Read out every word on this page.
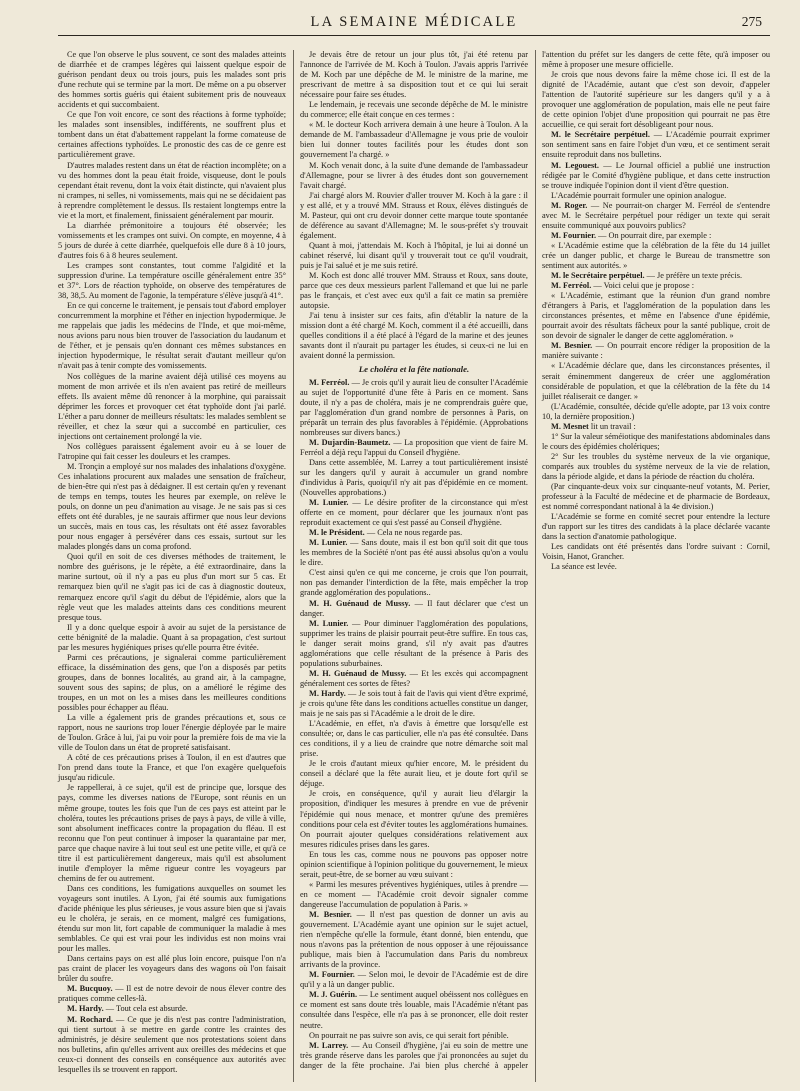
LA SEMAINE MÉDICALE	275

Ce que l'on observe le plus souvent, ce sont des malades atteints de diarrhée et de crampes légères qui laissent quelque espoir de guérison pendant deux ou trois jours, puis les malades sont pris d'une rechute qui se termine par la mort. De même on a pu observer des hommes sortis guéris qui étaient subitement pris de nouveaux accidents et qui succombaient.

Ce que l'on voit encore, ce sont des réactions à forme typhoïde; les malades sont insensibles, indifférents, ne souffrent plus et tombent dans un état d'abattement rappelant la forme comateuse de certaines affections typhoïdes. Le pronostic des cas de ce genre est particulièrement grave.

D'autres malades restent dans un état de réaction incomplète; on a vu des hommes dont la peau était froide, visqueuse, dont le pouls cependant était revenu, dont la voix était distincte, qui n'avaient plus ni crampes, ni selles, ni vomissements, mais qui ne se décidaient pas à reprendre complètement le dessus. Ils restaient longtemps entre la vie et la mort, et finalement, finissaient généralement par mourir.

La diarrhée prémonitoire a toujours été observée; les vomissements et les crampes ont suivi. On compte, en moyenne, 4 à 5 jours de durée à cette diarrhée, quelquefois elle dure 8 à 10 jours, d'autres fois 6 à 8 heures seulement.

Les crampes sont constantes, tout comme l'algidité et la suppression d'urine. La température oscille généralement entre 35° et 37°. Lors de réaction typhoïde, on observe des températures de 38, 38,5. Au moment de l'agonie, la température s'élève jusqu'à 41°.

En ce qui concerne le traitement, je pensais tout d'abord employer concurremment la morphine et l'éther en injection hypodermique. Je me rappelais que jadis les médecins de l'Inde, et que moi-même, nous avions paru nous bien trouver de l'association du laudanum et de l'éther, et je pensais qu'en donnant ces mêmes substances en injection hypodermique, le résultat serait d'autant meilleur qu'on n'avait pas à tenir compte des vomissements.

Nos collègues de la marine avaient déjà utilisé ces moyens au moment de mon arrivée et ils n'en avaient pas retiré de meilleurs effets. Ils avaient même dû renoncer à la morphine, qui paraissait déprimer les forces et provoquer cet état typhoïde dont j'ai parlé. L'éther a paru donner de meilleurs résultats: les malades semblent se réveiller, et chez la sœur qui a succombé en particulier, ces injections ont certainement prolongé la vie.

Nos collègues paraissent également avoir eu à se louer de l'atropine qui fait cesser les douleurs et les crampes.

M. Tronçin a employé sur nos malades des inhalations d'oxygène. Ces inhalations procurent aux malades une sensation de fraîcheur, de bien-être qui n'est pas à dédaigner. Il est certain qu'en y revenant de temps en temps, toutes les heures par exemple, on relève le pouls, on donne un peu d'animation au visage. Je ne sais pas si ces effets ont été durables, je ne saurais affirmer que nous leur devions un succès, mais en tous cas, les résultats ont été assez favorables pour nous engager à persévérer dans ces essais, surtout sur les malades plongés dans un coma profond.

Quoi qu'il en soit de ces diverses méthodes de traitement, le nombre des guérisons, je le répète, a été extraordinaire, dans la marine surtout, où il n'y a pas eu plus d'un mort sur 5 cas. Et remarquez bien qu'il ne s'agit pas ici de cas à diagnostic douteux, remarquez encore qu'il s'agit du début de l'épidémie, alors que la règle veut que les malades atteints dans ces conditions meurent presque tous.

Il y a donc quelque espoir à avoir au sujet de la persistance de cette bénignité de la maladie. Quant à sa propagation, c'est surtout par les mesures hygiéniques prises qu'elle pourra être évitée.

Parmi ces précautions, je signalerai comme particulièrement efficace, la dissémination des gens, que l'on a disposés par petits groupes, dans de bonnes localités, au grand air, à la campagne, souvent sous des sapins; de plus, on a amélioré le régime des troupes, en un mot on les a mises dans les meilleures conditions possibles pour échapper au fléau.

La ville a également pris de grandes précautions et, sous ce rapport, nous ne saurions trop louer l'énergie déployée par le maire de Toulon. Grâce à lui, j'ai pu voir pour la première fois de ma vie la ville de Toulon dans un état de propreté satisfaisant.

A côté de ces précautions prises à Toulon, il en est d'autres que l'on prend dans toute la France, et que l'on exagère quelquefois jusqu'au ridicule.

Je rappellerai, à ce sujet, qu'il est de principe que, lorsque des pays, comme les diverses nations de l'Europe, sont réunis en un même groupe, toutes les fois que l'un de ces pays est atteint par le choléra, toutes les précautions prises de pays à pays, de ville à ville, sont absolument inefficaces contre la propagation du fléau. Il est reconnu que l'on peut continuer à imposer la quarantaine par mer, parce que chaque navire à lui tout seul est une petite ville, et qu'à ce titre il est particulièrement dangereux, mais qu'il est absolument inutile d'employer la même rigueur contre les voyageurs par chemins de fer ou autrement.

Dans ces conditions, les fumigations auxquelles on soumet les voyageurs sont inutiles. A Lyon, j'ai été soumis aux fumigations d'acide phénique les plus sérieuses, je vous assure bien que si j'avais eu le choléra, je serais, en ce moment, malgré ces fumigations, étendu sur mon lit, fort capable de communiquer la maladie à mes semblables. Ce qui est vrai pour les individus est non moins vrai pour les malles.

Dans certains pays on est allé plus loin encore, puisque l'on n'a pas craint de placer les voyageurs dans des wagons où l'on faisait brûler du soufre.

M. Bucquoy. — Il est de notre devoir de nous élever contre des pratiques comme celles-là.

M. Hardy. — Tout cela est absurde.

M. Rochard. — Ce que je dis n'est pas contre l'administration, qui tient surtout à se mettre en garde contre les craintes des administrés, je désire seulement que nos protestations soient dans nos bulletins, afin qu'elles arrivent aux oreilles des médecins et que ceux-ci donnent des conseils en conséquence aux autorités avec lesquelles ils se trouvent en rapport.

Je devais être de retour un jour plus tôt, j'ai été retenu par l'annonce de l'arrivée de M. Koch à Toulon. J'avais appris l'arrivée de M. Koch par une dépêche de M. le ministre de la marine, me prescrivant de mettre à sa disposition tout et ce qui lui serait nécessaire pour faire ses études.

Le lendemain, je recevais une seconde dépêche de M. le ministre du commerce; elle était conçue en ces termes :

« M. le docteur Koch arrivera demain à une heure à Toulon. A la demande de M. l'ambassadeur d'Allemagne je vous prie de vouloir bien lui donner toutes facilités pour les études dont son gouvernement l'a chargé. »

M. Koch venait donc, à la suite d'une demande de l'ambassadeur d'Allemagne, pour se livrer à des études dont son gouvernement l'avait chargé.

J'ai chargé alors M. Rouvier d'aller trouver M. Koch à la gare : il y est allé, et y a trouvé MM. Strauss et Roux, élèves distingués de M. Pasteur, qui ont cru devoir donner cette marque toute spontanée de déférence au savant d'Allemagne; M. le sous-préfet s'y trouvait également.

Quant à moi, j'attendais M. Koch à l'hôpital, je lui ai donné un cabinet réservé, lui disant qu'il y trouverait tout ce qu'il voudrait, puis je l'ai salué et je me suis retiré.

M. Koch est donc allé trouver MM. Strauss et Roux, sans doute, parce que ces deux messieurs parlent l'allemand et que lui ne parle pas le français, et c'est avec eux qu'il a fait ce matin sa première autopsie.

J'ai tenu à insister sur ces faits, afin d'établir la nature de la mission dont a été chargé M. Koch, comment il a été accueilli, dans quelles conditions il a été placé à l'égard de la marine et des jeunes savants dont il n'aurait pu partager les études, si ceux-ci ne lui en avaient donné la permission.

Le choléra et la fête nationale.

M. Ferréol. — Je crois qu'il y aurait lieu de consulter l'Académie au sujet de l'opportunité d'une fête à Paris en ce moment. Sans doute, il n'y a pas de choléra, mais je ne comprendrais guère que, par l'agglomération d'un grand nombre de personnes à Paris, on préparât un terrain des plus favorables à l'épidémie. (Approbations nombreuses sur divers bancs.)

M. Dujardin-Baumetz. — La proposition que vient de faire M. Ferréol a déjà reçu l'appui du Conseil d'hygiène.

Dans cette assemblée, M. Larrey a tout particulièrement insisté sur les dangers qu'il y aurait à accumuler un grand nombre d'individus à Paris, quoiqu'il n'y ait pas d'épidémie en ce moment. (Nouvelles approbations.)

M. Lunier. — Le désire profiter de la circonstance qui m'est offerte en ce moment, pour déclarer que les journaux n'ont pas reproduit exactement ce qui s'est passé au Conseil d'hygiène.

M. le Président. — Cela ne nous regarde pas.

M. Lunier. — Sans doute, mais il est bon qu'il soit dit que tous les membres de la Société n'ont pas été aussi absolus qu'on a voulu le dire.

C'est ainsi qu'en ce qui me concerne, je crois que l'on pourrait, non pas demander l'interdiction de la fête, mais empêcher la trop grande agglomération des populations..

M. H. Guénaud de Mussy. — Il faut déclarer que c'est un danger.

M. Lunier. — Pour diminuer l'agglomération des populations, supprimer les trains de plaisir pourrait peut-être suffire. En tous cas, le danger serait moins grand, s'il n'y avait pas d'autres agglomérations que celle résultant de la présence à Paris des populations suburbaines.

M. H. Guénaud de Mussy. — Et les excès qui accompagnent généralement ces sortes de fêtes?

M. Hardy. — Je sois tout à fait de l'avis qui vient d'être exprimé, je crois qu'une fête dans les conditions actuelles constitue un danger, mais je ne sais pas si l'Académie a le droit de le dire.

L'Académie, en effet, n'a d'avis à émettre que lorsqu'elle est consultée; or, dans le cas particulier, elle n'a pas été consultée. Dans ces conditions, il y a lieu de craindre que notre démarche soit mal prise.

Je le crois d'autant mieux qu'hier encore, M. le président du conseil a déclaré que la fête aurait lieu, et je doute fort qu'il se déjuge.

Je crois, en conséquence, qu'il y aurait lieu d'élargir la proposition, d'indiquer les mesures à prendre en vue de prévenir l'épidémie qui nous menace, et montrer qu'une des premières conditions pour cela est d'éviter toutes les agglomérations humaines. On pourrait ajouter quelques considérations relativement aux mesures ridicules prises dans les gares.

En tous les cas, comme nous ne pouvons pas opposer notre opinion scientifique à l'opinion politique du gouvernement, le mieux serait, peut-être, de se borner au vœu suivant :

« Parmi les mesures préventives hygiéniques, utiles à prendre — en ce moment — l'Académie croit devoir signaler comme dangereuse l'accumulation de population à Paris. »

M. Besnier. — Il n'est pas question de donner un avis au gouvernement. L'Académie ayant une opinion sur le sujet actuel, rien n'empêche qu'elle la formule, étant donné, bien entendu, que nous n'avons pas la prétention de nous opposer à une réjouissance publique, mais bien à l'accumulation dans Paris du nombreux arrivants de la province.

M. Fournier. — Selon moi, le devoir de l'Académie est de dire qu'il y a là un danger public.

M. J. Guérin. — Le sentiment auquel obéissent nos collègues en ce moment est sans doute très louable, mais l'Académie n'étant pas consultée dans l'espèce, elle n'a pas à se prononcer, elle doit rester neutre.

On pourrait ne pas suivre son avis, ce qui serait fort pénible.

M. Larrey. — Au Conseil d'hygiène, j'ai eu soin de mettre une très grande réserve dans les paroles que j'ai prononcées au sujet du danger de la fête prochaine. J'ai bien plus cherché à appeler l'attention du préfet sur les dangers de cette fête, qu'à imposer ou même à proposer une mesure officielle.

Je crois que nous devons faire la même chose ici. Il est de la dignité de l'Académie, autant que c'est son devoir, d'appeler l'attention de l'autorité supérieure sur les dangers qu'il y a à provoquer une agglomération de population, mais elle ne peut faire de cette opinion l'objet d'une proposition qui pourrait ne pas être accueillie, ce qui serait fort désobligeant pour nous.

M. le Secrétaire perpétuel. — L'Académie pourrait exprimer son sentiment sans en faire l'objet d'un vœu, et ce sentiment serait ensuite reproduit dans nos bulletins.

M. Legouest. — Le Journal officiel a publié une instruction rédigée par le Comité d'hygiène publique, et dans cette instruction se trouve indiquée l'opinion dont il vient d'être question.

L'Académie pourrait formuler une opinion analogue.

M. Roger. — Ne pourrait-on charger M. Ferréol de s'entendre avec M. le Secrétaire perpétuel pour rédiger un texte qui serait ensuite communiqué aux pouvoirs publics?

M. Fournier. — On pourrait dire, par exemple :

« L'Académie estime que la célébration de la fête du 14 juillet crée un danger public, et charge le Bureau de transmettre son sentiment aux autorités. »

M. le Secrétaire perpétuel. — Je préfère un texte précis.

M. Ferréol. — Voici celui que je propose :

« L'Académie, estimant que la réunion d'un grand nombre d'étrangers à Paris, et l'agglomération de la population dans les circonstances présentes, et même en l'absence d'une épidémie, pourrait avoir des résultats fâcheux pour la santé publique, croit de son devoir de signaler le danger de cette agglomération. »

M. Besnier. — On pourrait encore rédiger la proposition de la manière suivante :

« L'Académie déclare que, dans les circonstances présentes, il serait éminemment dangereux de créer une agglomération considérable de population, et que la célébration de la fête du 14 juillet réaliserait ce danger. »

(L'Académie, consultée, décide qu'elle adopte, par 13 voix contre 10, la dernière proposition.)

M. Mesnet lit un travail :

1° Sur la valeur séméiotique des manifestations abdominales dans le cours des épidémies cholériques;

2° Sur les troubles du système nerveux de la vie organique, comparés aux troubles du système nerveux de la vie de relation, dans la période algide, et dans la période de réaction du choléra.

(Par cinquante-deux voix sur cinquante-neuf votants, M. Perier, professeur à la Faculté de médecine et de pharmacie de Bordeaux, est nommé correspondant national à la 4e division.)

L'Académie se forme en comité secret pour entendre la lecture d'un rapport sur les titres des candidats à la place déclarée vacante dans la section d'anatomie pathologique.

Les candidats ont été présentés dans l'ordre suivant : Cornil, Voisin, Hanot, Grancher.

La séance est levée.
